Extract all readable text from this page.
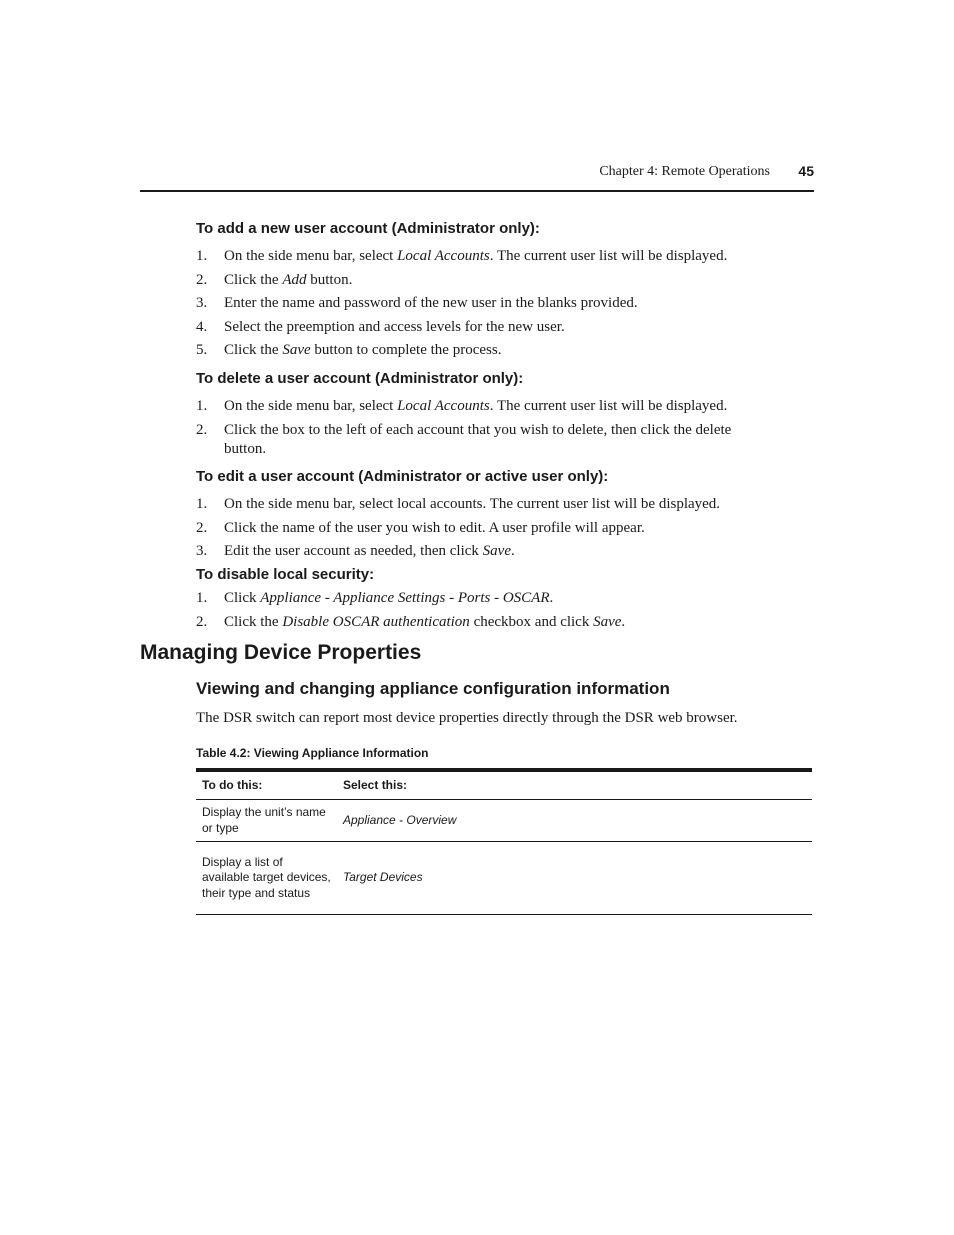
Chapter 4: Remote Operations 45
To add a new user account (Administrator only):
1. On the side menu bar, select Local Accounts. The current user list will be displayed.
2. Click the Add button.
3. Enter the name and password of the new user in the blanks provided.
4. Select the preemption and access levels for the new user.
5. Click the Save button to complete the process.
To delete a user account (Administrator only):
1. On the side menu bar, select Local Accounts. The current user list will be displayed.
2. Click the box to the left of each account that you wish to delete, then click the delete button.
To edit a user account (Administrator or active user only):
1. On the side menu bar, select local accounts. The current user list will be displayed.
2. Click the name of the user you wish to edit. A user profile will appear.
3. Edit the user account as needed, then click Save.
To disable local security:
1. Click Appliance - Appliance Settings - Ports - OSCAR.
2. Click the Disable OSCAR authentication checkbox and click Save.
Managing Device Properties
Viewing and changing appliance configuration information

The DSR switch can report most device properties directly through the DSR web browser.

Table 4.2: Viewing Appliance Information

To do this:	Select this:
Display the unit’s name or type	Appliance - Overview
Display a list of available target devices, their type and status	Target Devices
